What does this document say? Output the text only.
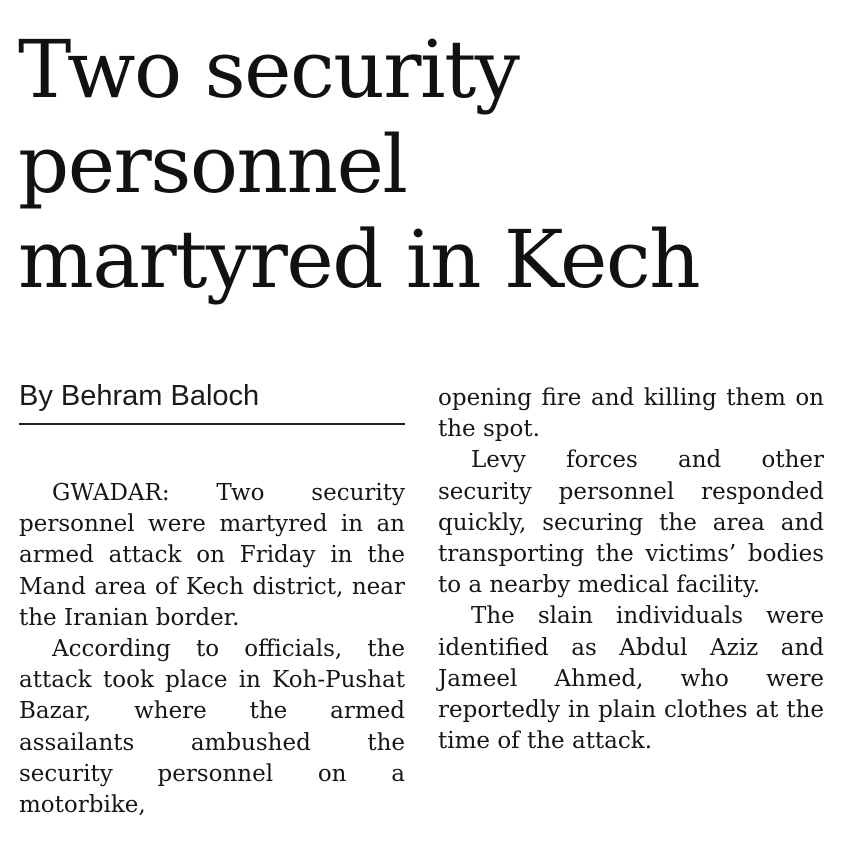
Two security
personnel
martyred in Kech
By Behram Baloch

GWADAR: Two security personnel were martyred in an armed attack on Friday in the Mand area of Kech district, near the Iranian border.

According to officials, the attack took place in Koh-Pushat Bazar, where the armed assailants ambushed the security personnel on a motorbike,

opening fire and killing them on the spot.

Levy forces and other security personnel responded quickly, securing the area and transporting the victims’ bodies to a nearby medical facility.

The slain individuals were identified as Abdul Aziz and Jameel Ahmed, who were reportedly in plain clothes at the time of the attack.
